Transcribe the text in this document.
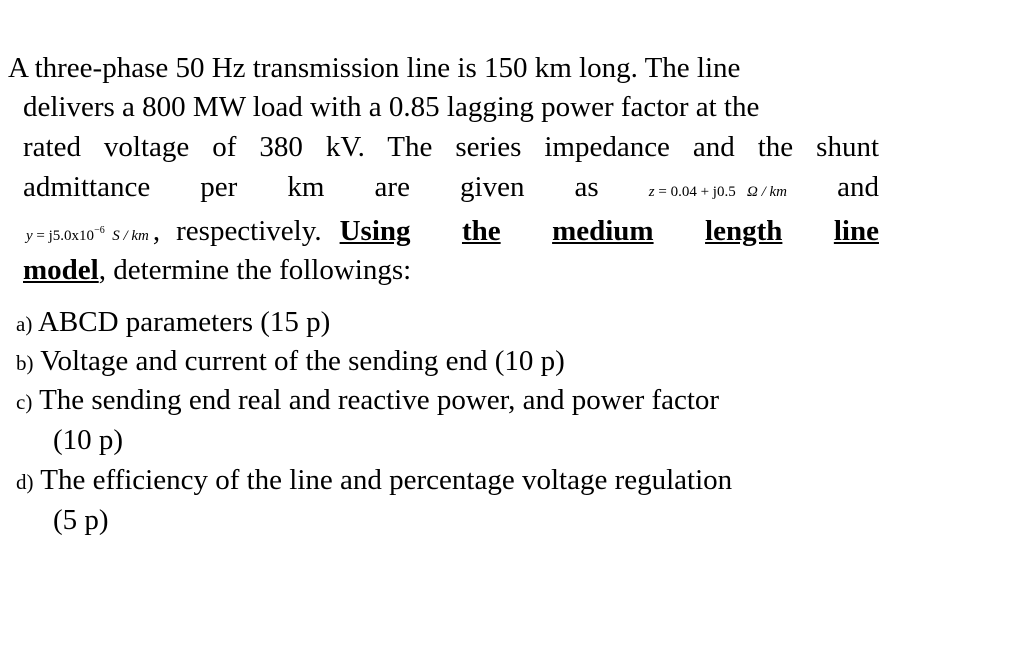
A three-phase 50 Hz transmission line is 150 km long. The line
delivers a 800 MW load with a 0.85 lagging power factor at the
rated voltage of 380 kV. The series impedance and the shunt
admittance per km are given as	z = 0.04 + j0.5 Ω / km and
$y = j5.0x10^{-6}$ S / km , respectively. Using the medium length line
model, determine the followings:
a) ABCD parameters (15 p)
b) Voltage and current of the sending end (10 p)
c) The sending end real and reactive power, and power factor
(10 p)
d) The efficiency of the line and percentage voltage regulation
(5 p)
